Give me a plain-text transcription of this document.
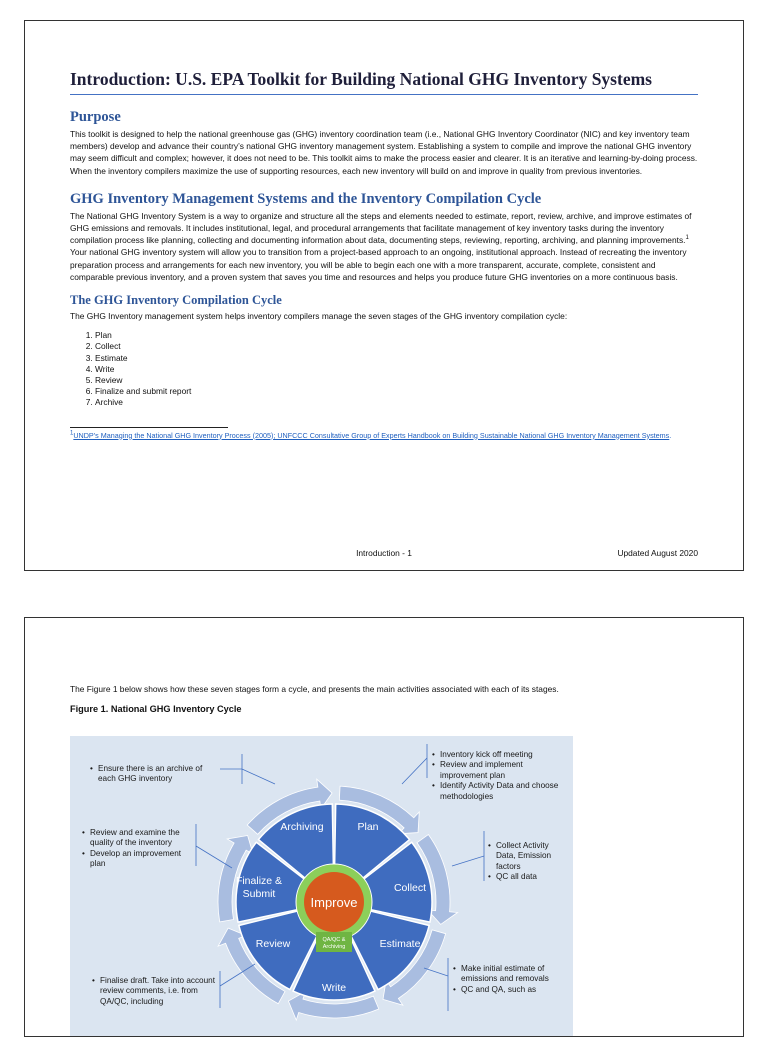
Introduction: U.S. EPA Toolkit for Building National GHG Inventory Systems
Purpose

This toolkit is designed to help the national greenhouse gas (GHG) inventory coordination team (i.e., National GHG Inventory Coordinator (NIC) and key inventory team members) develop and advance their country’s national GHG inventory management system. Establishing a system to compile and improve the national GHG inventory may seem difficult and complex; however, it does not need to be. This toolkit aims to make the process easier and clearer. It is an iterative and learning-by-doing process. When the inventory compilers maximize the use of supporting resources, each new inventory will build on and improve in quality from previous inventories.

GHG Inventory Management Systems and the Inventory Compilation Cycle

The National GHG Inventory System is a way to organize and structure all the steps and elements needed to estimate, report, review, archive, and improve estimates of GHG emissions and removals. It includes institutional, legal, and procedural arrangements that facilitate management of key inventory tasks during the inventory compilation process like planning, collecting and documenting information about data, documenting steps, reviewing, reporting, archiving, and planning improvements.$^1$ Your national GHG inventory system will allow you to transition from a project-based approach to an ongoing, institutional approach. Instead of recreating the inventory preparation process and arrangements for each new inventory, you will be able to begin each one with a more transparent, accurate, complete, consistent and comparable previous inventory, and a proven system that saves you time and resources and helps you produce future GHG inventories on a more continuous basis.

The GHG Inventory Compilation Cycle

The GHG Inventory management system helps inventory compilers manage the seven stages of the GHG inventory compilation cycle:

1. Plan
2. Collect
3. Estimate
4. Write
5. Review
6. Finalize and submit report
7. Archive
$^1$UNDP’s Managing the National GHG Inventory Process (2005); UNFCCC Consultative Group of Experts Handbook on Building Sustainable National GHG Inventory Management Systems.
Introduction - 1	Updated August 2020
The Figure 1 below shows how these seven stages form a cycle, and presents the main activities associated with each of its stages.
Figure 1. National GHG Inventory Cycle
Improve
QA/QC &
Archiving
Archiving	Plan
Collect
Estimate
Write
Review
Finalize &
Submit
• Ensure there is an archive of each GHG inventory
• Inventory kick off meeting
• Review and implement improvement plan
• Identify Activity Data and choose methodologies
• Review and examine the quality of the inventory
• Develop an improvement plan
• Collect Activity Data, Emission factors
• QC all data
• Finalise draft. Take into account review comments, i.e. from QA/QC, including
• Make initial estimate of emissions and removals
• QC and QA, such as
